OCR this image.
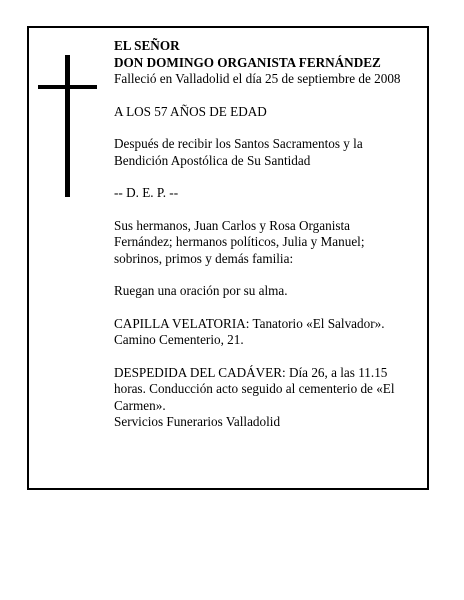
EL SEÑOR
DON DOMINGO ORGANISTA FERNÁNDEZ
Falleció en Valladolid el día 25 de septiembre de 2008
A LOS 57 AÑOS DE EDAD
Después de recibir los Santos Sacramentos y la
Bendición Apostólica de Su Santidad
-- D. E. P. --
Sus hermanos, Juan Carlos y Rosa Organista
Fernández; hermanos políticos, Julia y Manuel;
sobrinos, primos y demás familia:
Ruegan una oración por su alma.
CAPILLA VELATORIA: Tanatorio «El Salvador».
Camino Cementerio, 21.
DESPEDIDA DEL CADÁVER: Día 26, a las 11.15
horas. Conducción acto seguido al cementerio de «El
Carmen».
Servicios Funerarios Valladolid
